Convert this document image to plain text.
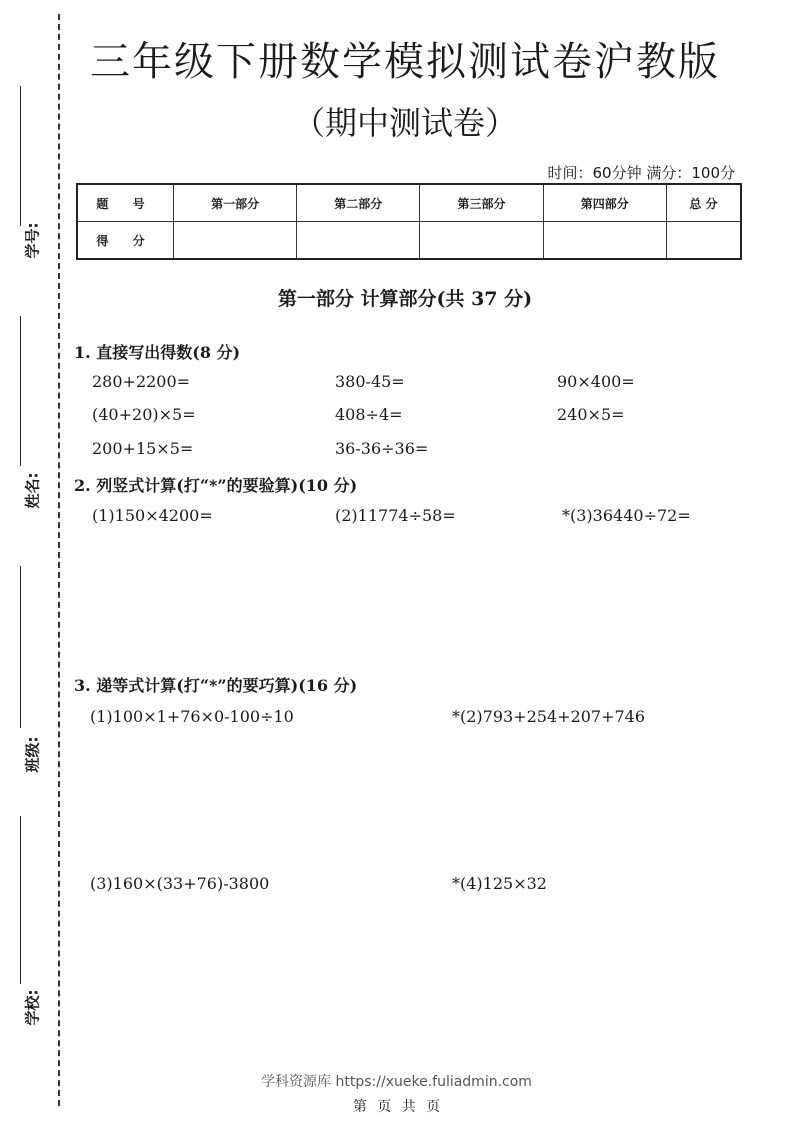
学号:
姓名:
班级:
学校:
三年级下册数学模拟测试卷沪教版
（期中测试卷）
时间：60分钟 满分：100分
题 号	第一部分	第二部分	第三部分	第四部分	总 分
得 分					
第一部分 计算部分(共 37 分)
1. 直接写出得数(8 分)
280+2200=	380-45=	90×400=
(40+20)×5=	408÷4=	240×5=
200+15×5=	36-36÷36=
2. 列竖式计算(打“*”的要验算)(10 分)
(1)150×4200=	(2)11774÷58=	*(3)36440÷72=
3. 递等式计算(打“*”的要巧算)(16 分)
(1)100×1+76×0-100÷10	*(2)793+254+207+746
(3)160×(33+76)-3800	*(4)125×32
学科资源库 https://xueke.fuliadmin.com
第 页 共 页
